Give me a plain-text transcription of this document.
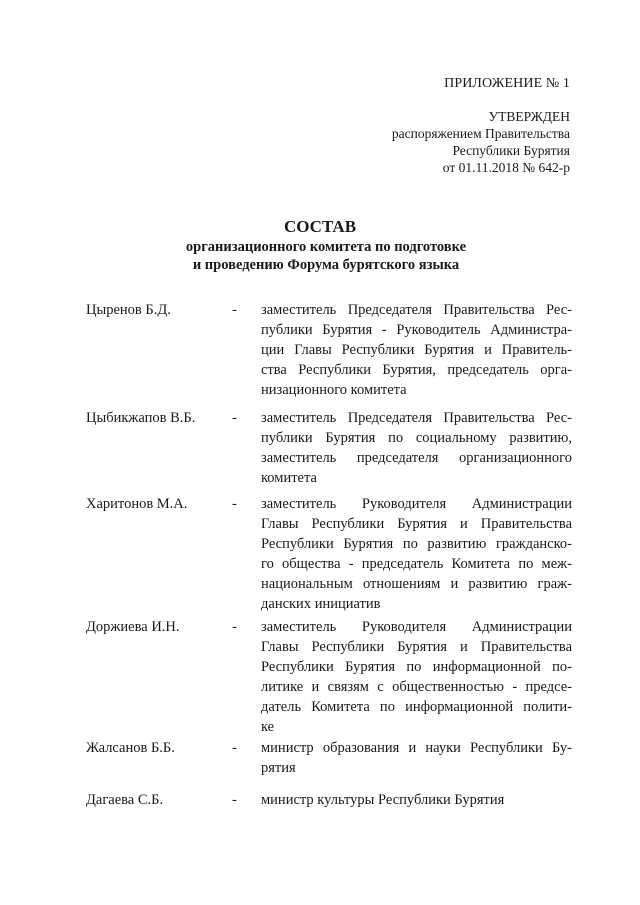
ПРИЛОЖЕНИЕ № 1
УТВЕРЖДЕН
распоряжением Правительства
Республики Бурятия
от 01.11.2018 № 642-р
СОСТАВ
организационного комитета по подготовке
и проведению Форума бурятского языка
Цыренов Б.Д.	- заместитель Председателя Правительства Рес-
публики Бурятия - Руководитель Администра-
ции Главы Республики Бурятия и Правитель-
ства Республики Бурятия, председатель орга-
низационного комитета
Цыбикжапов В.Б.	- заместитель Председателя Правительства Рес-
публики Бурятия по социальному развитию,
заместитель председателя организационного
комитета
Харитонов М.А.	- заместитель Руководителя Администрации
Главы Республики Бурятия и Правительства
Республики Бурятия по развитию гражданско-
го общества - председатель Комитета по меж-
национальным отношениям и развитию граж-
данских инициатив
Доржиева И.Н.	- заместитель Руководителя Администрации
Главы Республики Бурятия и Правительства
Республики Бурятия по информационной по-
литике и связям с общественностью - предсе-
датель Комитета по информационной полити-
ке
Жалсанов Б.Б.	- министр образования и науки Республики Бу-
рятия
Дагаева С.Б.	- министр культуры Республики Бурятия
